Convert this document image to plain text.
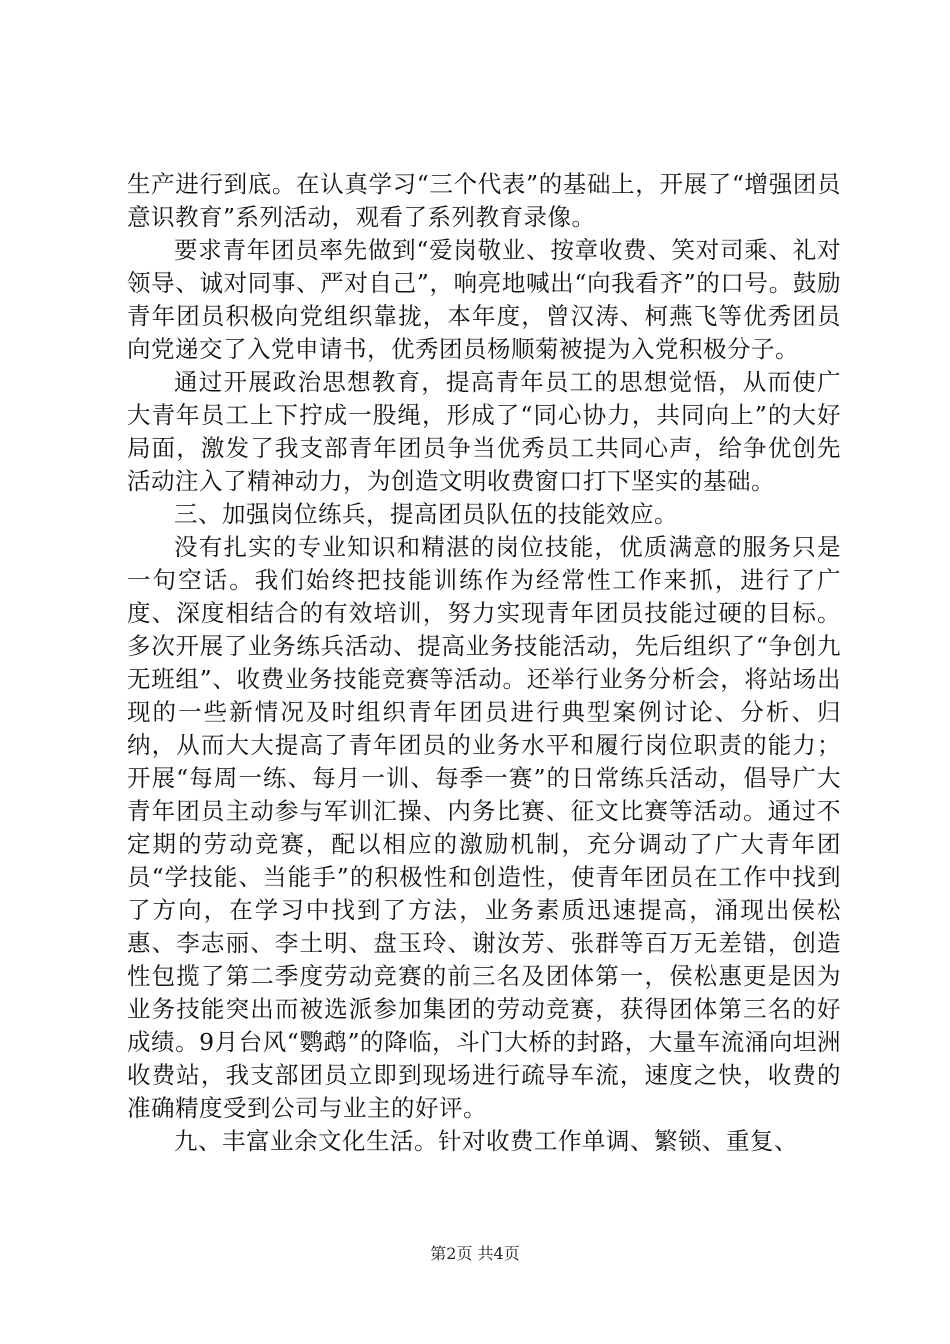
生产进行到底。在认真学习“三个代表”的基础上，开展了“增强团员意识教育”系列活动，观看了系列教育录像。

要求青年团员率先做到“爱岗敬业、按章收费、笑对司乘、礼对领导、诚对同事、严对自己”，响亮地喊出“向我看齐”的口号。鼓励青年团员积极向党组织靠拢，本年度，曾汉涛、柯燕飞等优秀团员向党递交了入党申请书，优秀团员杨顺菊被提为入党积极分子。

通过开展政治思想教育，提高青年员工的思想觉悟，从而使广大青年员工上下拧成一股绳，形成了“同心协力，共同向上”的大好局面，激发了我支部青年团员争当优秀员工共同心声，给争优创先活动注入了精神动力，为创造文明收费窗口打下坚实的基础。

三、加强岗位练兵，提高团员队伍的技能效应。

没有扎实的专业知识和精湛的岗位技能，优质满意的服务只是一句空话。我们始终把技能训练作为经常性工作来抓，进行了广度、深度相结合的有效培训，努力实现青年团员技能过硬的目标。多次开展了业务练兵活动、提高业务技能活动，先后组织了“争创九无班组”、收费业务技能竞赛等活动。还举行业务分析会，将站场出现的一些新情况及时组织青年团员进行典型案例讨论、分析、归纳，从而大大提高了青年团员的业务水平和履行岗位职责的能力；开展“每周一练、每月一训、每季一赛”的日常练兵活动，倡导广大青年团员主动参与军训汇操、内务比赛、征文比赛等活动。通过不定期的劳动竞赛，配以相应的激励机制，充分调动了广大青年团员“学技能、当能手”的积极性和创造性，使青年团员在工作中找到了方向，在学习中找到了方法，业务素质迅速提高，涌现出侯松惠、李志丽、李土明、盘玉玲、谢汝芳、张群等百万无差错，创造性包揽了第二季度劳动竞赛的前三名及团体第一，侯松惠更是因为业务技能突出而被选派参加集团的劳动竞赛，获得团体第三名的好成绩。9月台风“鹦鹉”的降临，斗门大桥的封路，大量车流涌向坦洲收费站，我支部团员立即到现场进行疏导车流，速度之快，收费的准确精度受到公司与业主的好评。

九、丰富业余文化生活。针对收费工作单调、繁锁、重复、

第2页 共4页
